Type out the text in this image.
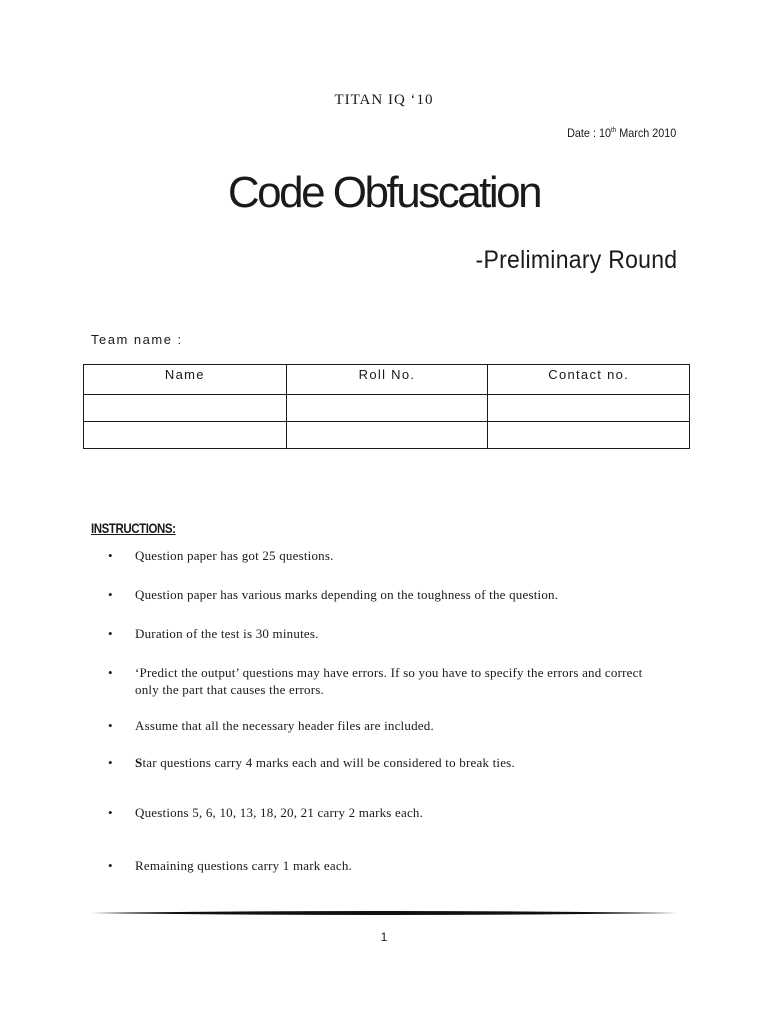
TITAN IQ ‘10
Date : 10th March 2010
Code Obfuscation
-Preliminary Round
Team name :
Name	Roll No.	Contact no.

INSTRUCTIONS:
• Question paper has got 25 questions.
• Question paper has various marks depending on the toughness of the question.
• Duration of the test is 30 minutes.
• ‘Predict the output’ questions may have errors. If so you have to specify the errors and correct only the part that causes the errors.
• Assume that all the necessary header files are included.
• Star questions carry 4 marks each and will be considered to break ties.
• Questions 5, 6, 10, 13, 18, 20, 21 carry 2 marks each.
• Remaining questions carry 1 mark each.
1
